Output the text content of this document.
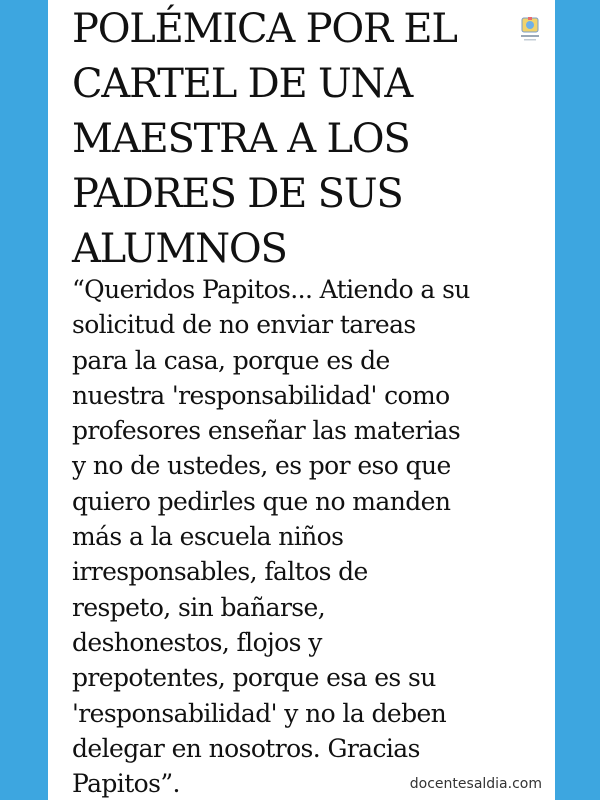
POLÉMICA POR EL
CARTEL DE UNA
MAESTRA A LOS
PADRES DE SUS
ALUMNOS

“Queridos Papitos... Atiendo a su
solicitud de no enviar tareas
para la casa, porque es de
nuestra 'responsabilidad' como
profesores enseñar las materias
y no de ustedes, es por eso que
quiero pedirles que no manden
más a la escuela niños
irresponsables, faltos de
respeto, sin bañarse,
deshonestos, flojos y
prepotentes, porque esa es su
'responsabilidad' y no la deben
delegar en nosotros. Gracias
Papitos”.	docentesaldia.com
